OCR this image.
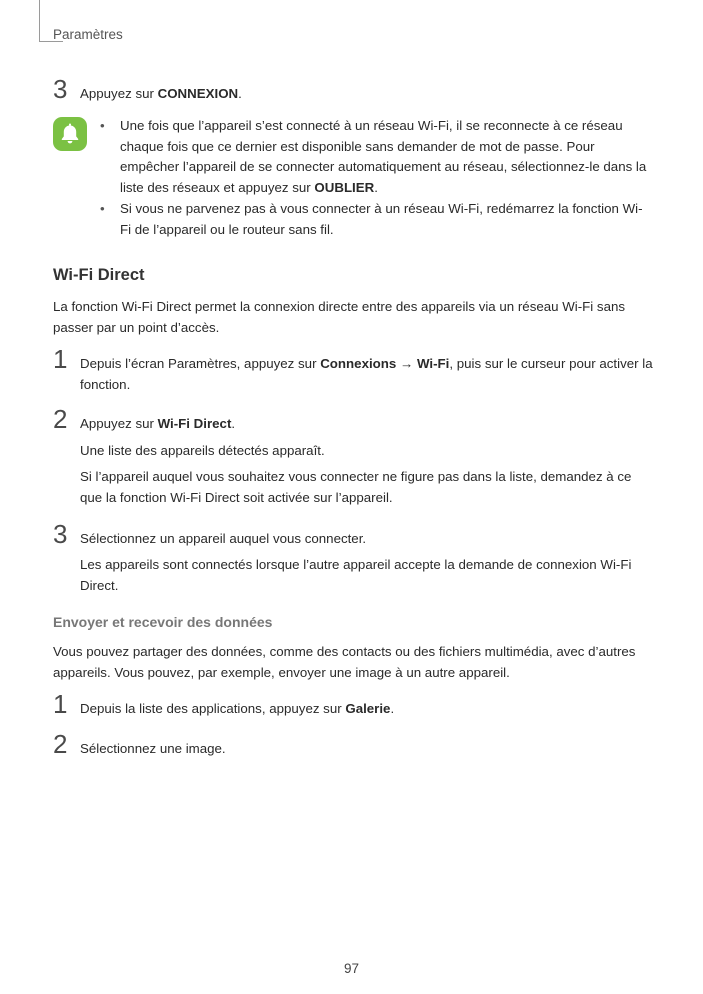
Paramètres
3 Appuyez sur CONNEXION.
•	Une fois que l’appareil s’est connecté à un réseau Wi-Fi, il se reconnecte à ce réseau chaque fois que ce dernier est disponible sans demander de mot de passe. Pour empêcher l’appareil de se connecter automatiquement au réseau, sélectionnez-le dans la liste des réseaux et appuyez sur OUBLIER.
•	Si vous ne parvenez pas à vous connecter à un réseau Wi-Fi, redémarrez la fonction Wi-Fi de l’appareil ou le routeur sans fil.
Wi-Fi Direct
La fonction Wi-Fi Direct permet la connexion directe entre des appareils via un réseau Wi-Fi sans passer par un point d’accès.
1 Depuis l’écran Paramètres, appuyez sur Connexions → Wi-Fi, puis sur le curseur pour activer la fonction.
2 Appuyez sur Wi-Fi Direct.
Une liste des appareils détectés apparaît.
Si l’appareil auquel vous souhaitez vous connecter ne figure pas dans la liste, demandez à ce que la fonction Wi-Fi Direct soit activée sur l’appareil.
3 Sélectionnez un appareil auquel vous connecter.
Les appareils sont connectés lorsque l’autre appareil accepte la demande de connexion Wi-Fi Direct.
Envoyer et recevoir des données
Vous pouvez partager des données, comme des contacts ou des fichiers multimédia, avec d’autres appareils. Vous pouvez, par exemple, envoyer une image à un autre appareil.
1 Depuis la liste des applications, appuyez sur Galerie.
2 Sélectionnez une image.
97
